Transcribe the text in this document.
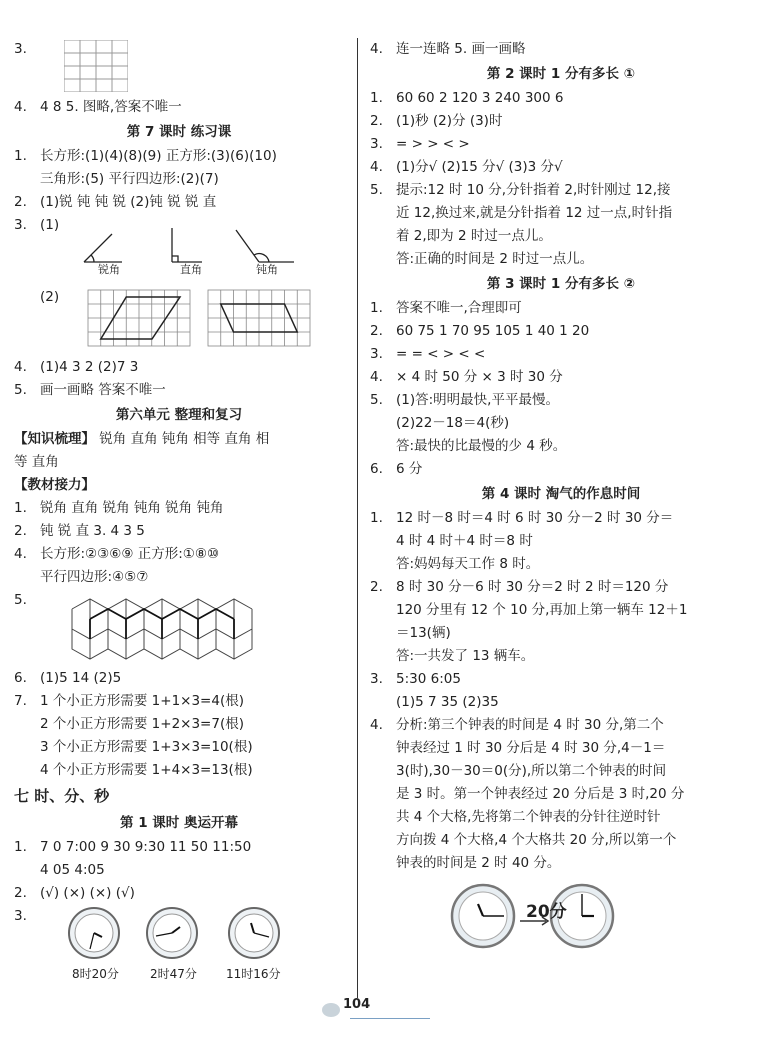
3.
4. 4 8 5. 图略,答案不唯一
第 7 课时 练习课
1. 长方形:(1)(4)(8)(9) 正方形:(3)(6)(10)
三角形:(5) 平行四边形:(2)(7)
2. (1)锐 钝 钝 锐 (2)钝 锐 锐 直
3. (1)
锐角	直角	钝角
(2)
4. (1)4 3 2 (2)7 3
5. 画一画略 答案不唯一
第六单元 整理和复习
【知识梳理】 锐角 直角 钝角 相等 直角 相
等 直角
【教材接力】
1. 锐角 直角 锐角 钝角 锐角 钝角
2. 钝 锐 直 3. 4 3 5
4. 长方形:②③⑥⑨ 正方形:①⑧⑩
平行四边形:④⑤⑦
5.
6. (1)5 14 (2)5
7. 1 个小正方形需要 1+1×3=4(根)
2 个小正方形需要 1+2×3=7(根)
3 个小正方形需要 1+3×3=10(根)
4 个小正方形需要 1+4×3=13(根)
七 时、分、秒
第 1 课时 奥运开幕
1. 7 0 7:00 9 30 9:30 11 50 11:50
4 05 4:05
2. (√) (×) (×) (√)
3.
8时20分	2时47分 11时16分
4. 连一连略 5. 画一画略
第 2 课时 1 分有多长 ①
1. 60 60 2 120 3 240 300 6
2. (1)秒 (2)分 (3)时
3. = > > < >
4. (1)分√ (2)15 分√ (3)3 分√
5. 提示:12 时 10 分,分针指着 2,时针刚过 12,接
近 12,换过来,就是分针指着 12 过一点,时针指
着 2,即为 2 时过一点儿。
答:正确的时间是 2 时过一点儿。
第 3 课时 1 分有多长 ②
1. 答案不唯一,合理即可
2. 60 75 1 70 95 105 1 40 1 20
3. = = < > < <
4. × 4 时 50 分 × 3 时 30 分
5. (1)答:明明最快,平平最慢。
(2)22－18＝4(秒)
答:最快的比最慢的少 4 秒。
6. 6 分
第 4 课时 淘气的作息时间
1. 12 时－8 时＝4 时 6 时 30 分－2 时 30 分＝
4 时 4 时＋4 时＝8 时
答:妈妈每天工作 8 时。
2. 8 时 30 分－6 时 30 分＝2 时 2 时＝120 分
120 分里有 12 个 10 分,再加上第一辆车 12＋1
＝13(辆)
答:一共发了 13 辆车。
3. 5:30 6:05
(1)5 7 35 (2)35
4. 分析:第三个钟表的时间是 4 时 30 分,第二个
钟表经过 1 时 30 分后是 4 时 30 分,4－1＝
3(时),30－30＝0(分),所以第二个钟表的时间
是 3 时。第一个钟表经过 20 分后是 3 时,20 分
共 4 个大格,先将第二个钟表的分针往逆时针
方向拨 4 个大格,4 个大格共 20 分,所以第一个
钟表的时间是 2 时 40 分。
20分
104
